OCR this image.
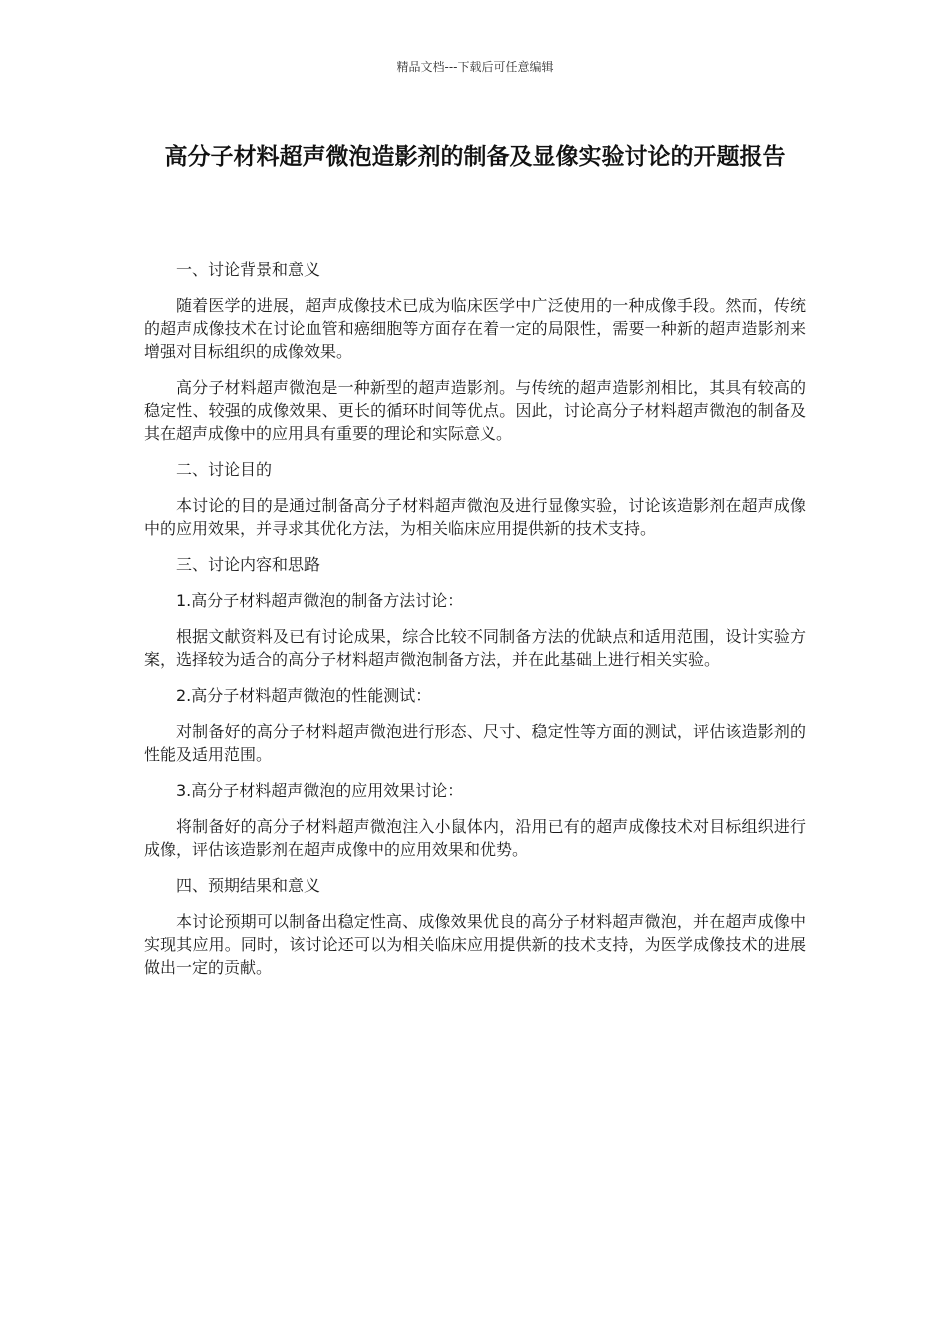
精品文档---下载后可任意编辑
高分子材料超声微泡造影剂的制备及显像实验讨论的开题报告

一、讨论背景和意义

随着医学的进展，超声成像技术已成为临床医学中广泛使用的一种成像手段。然而，传统的超声成像技术在讨论血管和癌细胞等方面存在着一定的局限性，需要一种新的超声造影剂来增强对目标组织的成像效果。

高分子材料超声微泡是一种新型的超声造影剂。与传统的超声造影剂相比，其具有较高的稳定性、较强的成像效果、更长的循环时间等优点。因此，讨论高分子材料超声微泡的制备及其在超声成像中的应用具有重要的理论和实际意义。

二、讨论目的

本讨论的目的是通过制备高分子材料超声微泡及进行显像实验，讨论该造影剂在超声成像中的应用效果，并寻求其优化方法，为相关临床应用提供新的技术支持。

三、讨论内容和思路

1.高分子材料超声微泡的制备方法讨论：

根据文献资料及已有讨论成果，综合比较不同制备方法的优缺点和适用范围，设计实验方案，选择较为适合的高分子材料超声微泡制备方法，并在此基础上进行相关实验。

2.高分子材料超声微泡的性能测试：

对制备好的高分子材料超声微泡进行形态、尺寸、稳定性等方面的测试，评估该造影剂的性能及适用范围。

3.高分子材料超声微泡的应用效果讨论：

将制备好的高分子材料超声微泡注入小鼠体内，沿用已有的超声成像技术对目标组织进行成像，评估该造影剂在超声成像中的应用效果和优势。

四、预期结果和意义

本讨论预期可以制备出稳定性高、成像效果优良的高分子材料超声微泡，并在超声成像中实现其应用。同时，该讨论还可以为相关临床应用提供新的技术支持，为医学成像技术的进展做出一定的贡献。
